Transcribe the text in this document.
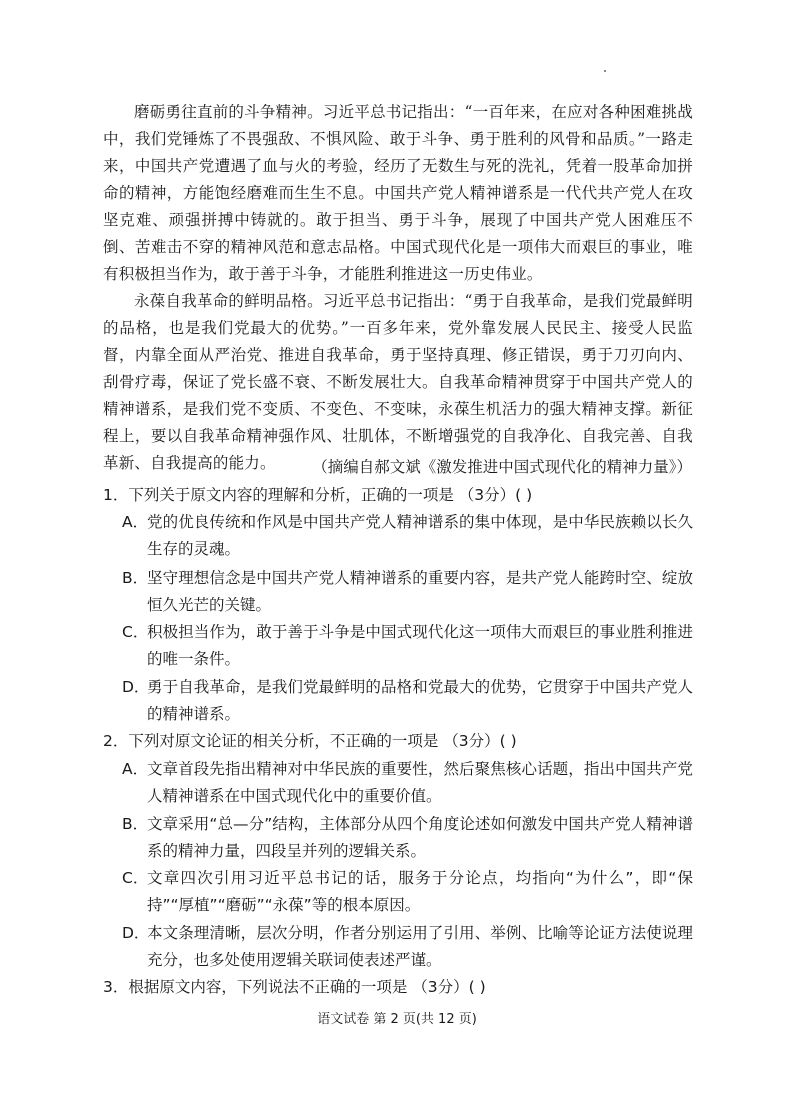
磨砺勇往直前的斗争精神。习近平总书记指出：“一百年来，在应对各种困难挑战中，我们党锤炼了不畏强敌、不惧风险、敢于斗争、勇于胜利的风骨和品质。”一路走来，中国共产党遭遇了血与火的考验，经历了无数生与死的洗礼，凭着一股革命加拼命的精神，方能饱经磨难而生生不息。中国共产党人精神谱系是一代代共产党人在攻坚克难、顽强拼搏中铸就的。敢于担当、勇于斗争，展现了中国共产党人困难压不倒、苦难击不穿的精神风范和意志品格。中国式现代化是一项伟大而艰巨的事业，唯有积极担当作为，敢于善于斗争，才能胜利推进这一历史伟业。

永葆自我革命的鲜明品格。习近平总书记指出：“勇于自我革命，是我们党最鲜明的品格，也是我们党最大的优势。”一百多年来，党外靠发展人民民主、接受人民监督，内靠全面从严治党、推进自我革命，勇于坚持真理、修正错误，勇于刀刃向内、刮骨疗毒，保证了党长盛不衰、不断发展壮大。自我革命精神贯穿于中国共产党人的精神谱系，是我们党不变质、不变色、不变味，永葆生机活力的强大精神支撑。新征程上，要以自我革命精神强作风、壮肌体，不断增强党的自我净化、自我完善、自我革新、自我提高的能力。	（摘编自郝文斌《激发推进中国式现代化的精神力量》）

1．下列关于原文内容的理解和分析，正确的一项是 （3分）( )

A．
党的优良传统和作风是中国共产党人精神谱系的集中体现，是中华民族赖以长久生存的灵魂。
B．
坚守理想信念是中国共产党人精神谱系的重要内容，是共产党人能跨时空、绽放恒久光芒的关键。
C．
积极担当作为，敢于善于斗争是中国式现代化这一项伟大而艰巨的事业胜利推进的唯一条件。
D．
勇于自我革命，是我们党最鲜明的品格和党最大的优势，它贯穿于中国共产党人的精神谱系。

2．下列对原文论证的相关分析，不正确的一项是 （3分）( )

A．
文章首段先指出精神对中华民族的重要性，然后聚焦核心话题，指出中国共产党人精神谱系在中国式现代化中的重要价值。
B．
文章采用“总—分”结构，主体部分从四个角度论述如何激发中国共产党人精神谱系的精神力量，四段呈并列的逻辑关系。
C．
文章四次引用习近平总书记的话，服务于分论点，均指向“为什么”，即“保持”“厚植”“磨砺”“永葆”等的根本原因。
D．
本文条理清晰，层次分明，作者分别运用了引用、举例、比喻等论证方法使说理充分，也多处使用逻辑关联词使表述严谨。

3．根据原文内容，下列说法不正确的一项是 （3分）( )

语文试卷 第 2 页(共 12 页)
